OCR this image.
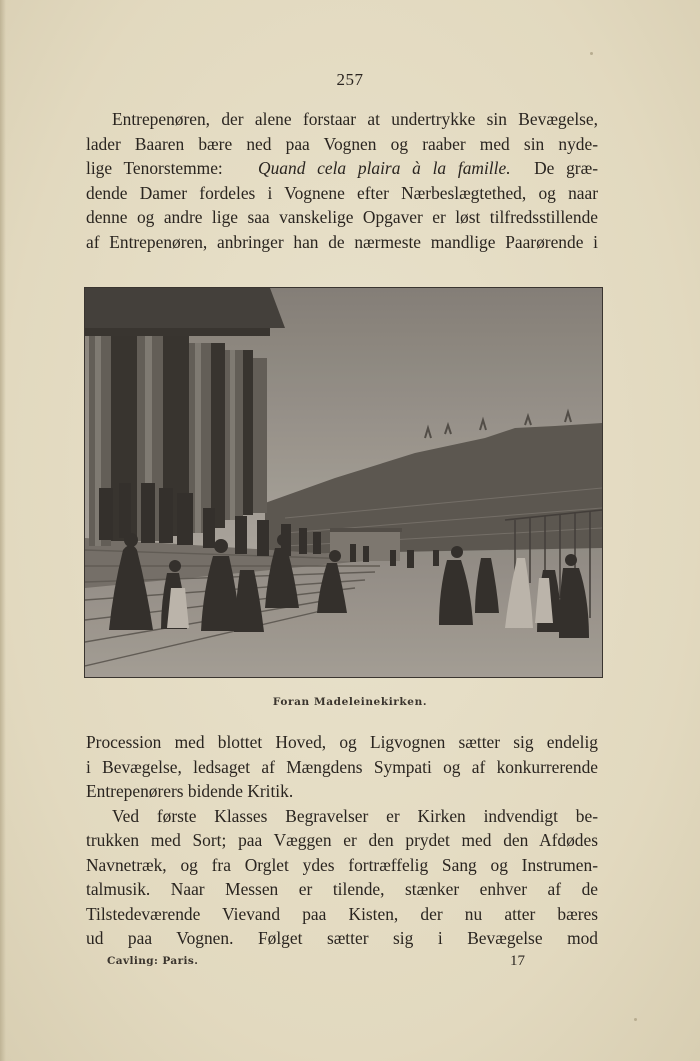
257
Entrepenøren, der alene forstaar at undertrykke sin Bevægelse,
lader Baaren bære ned paa Vognen og raaber med sin nyde-
lige Tenorstemme: Quand cela plaira à la famille. De græ-
dende Damer fordeles i Vognene efter Nærbeslægtethed, og naar
denne og andre lige saa vanskelige Opgaver er løst tilfredsstillende
af Entrepenøren, anbringer han de nærmeste mandlige Paarørende i
Foran Madeleinekirken.
Procession med blottet Hoved, og Ligvognen sætter sig endelig
i Bevægelse, ledsaget af Mængdens Sympati og af konkurrerende
Entrepenørers bidende Kritik.
Ved første Klasses Begravelser er Kirken indvendigt be-
trukken med Sort; paa Væggen er den prydet med den Afdødes
Navnetræk, og fra Orglet ydes fortræffelig Sang og Instrumen-
talmusik. Naar Messen er tilende, stænker enhver af de
Tilstedeværende Vievand paa Kisten, der nu atter bæres
ud paa Vognen. Følget sætter sig i Bevægelse mod
Cavling: Paris.	17
